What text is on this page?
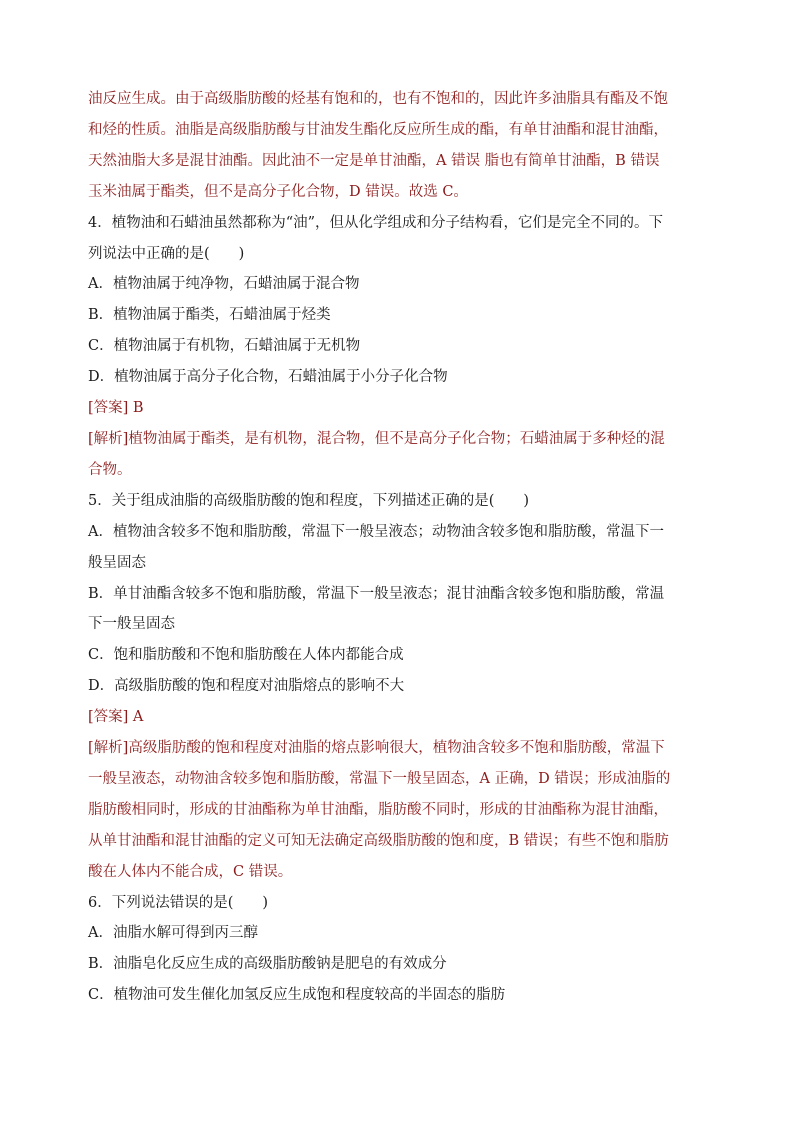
油反应生成。由于高级脂肪酸的烃基有饱和的，也有不饱和的，因此许多油脂具有酯及不饱

和烃的性质。油脂是高级脂肪酸与甘油发生酯化反应所生成的酯，有单甘油酯和混甘油酯，

天然油脂大多是混甘油酯。因此油不一定是单甘油酯，A 错误 脂也有简单甘油酯，B 错误

玉米油属于酯类，但不是高分子化合物，D 错误。故选 C。

4．植物油和石蜡油虽然都称为“油”，但从化学组成和分子结构看，它们是完全不同的。下

列说法中正确的是(　　)

A．植物油属于纯净物，石蜡油属于混合物

B．植物油属于酯类，石蜡油属于烃类

C．植物油属于有机物，石蜡油属于无机物

D．植物油属于高分子化合物，石蜡油属于小分子化合物

[答案] B

[解析]植物油属于酯类，是有机物，混合物，但不是高分子化合物；石蜡油属于多种烃的混

合物。

5．关于组成油脂的高级脂肪酸的饱和程度，下列描述正确的是(　　)

A．植物油含较多不饱和脂肪酸，常温下一般呈液态；动物油含较多饱和脂肪酸，常温下一

般呈固态

B．单甘油酯含较多不饱和脂肪酸，常温下一般呈液态；混甘油酯含较多饱和脂肪酸，常温

下一般呈固态

C．饱和脂肪酸和不饱和脂肪酸在人体内都能合成

D．高级脂肪酸的饱和程度对油脂熔点的影响不大

[答案] A

[解析]高级脂肪酸的饱和程度对油脂的熔点影响很大，植物油含较多不饱和脂肪酸，常温下

一般呈液态，动物油含较多饱和脂肪酸，常温下一般呈固态，A 正确，D 错误；形成油脂的

脂肪酸相同时，形成的甘油酯称为单甘油酯，脂肪酸不同时，形成的甘油酯称为混甘油酯，

从单甘油酯和混甘油酯的定义可知无法确定高级脂肪酸的饱和度，B 错误；有些不饱和脂肪

酸在人体内不能合成，C 错误。

6．下列说法错误的是(　　)

A．油脂水解可得到丙三醇

B．油脂皂化反应生成的高级脂肪酸钠是肥皂的有效成分

C．植物油可发生催化加氢反应生成饱和程度较高的半固态的脂肪
